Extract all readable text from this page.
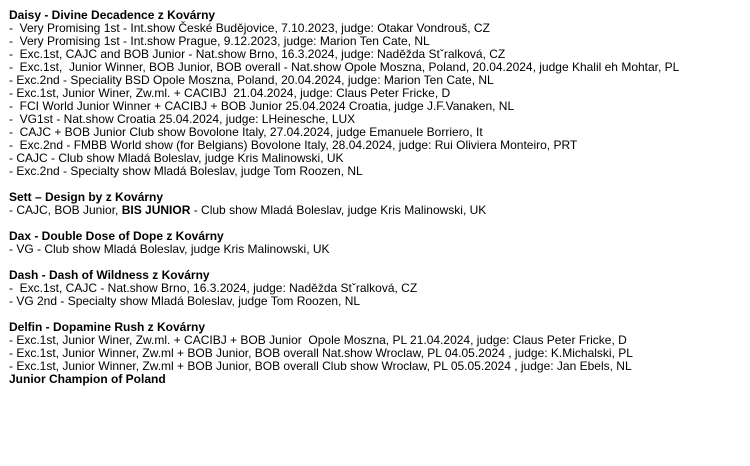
Daisy - Divine Decadence z Kovárny
-  Very Promising 1st - Int.show České Budějovice, 7.10.2023, judge: Otakar Vondrouš, CZ
-  Very Promising 1st - Int.show Prague, 9.12.2023, judge: Marion Ten Cate, NL
-  Exc.1st, CAJC and BOB Junior - Nat.show Brno, 16.3.2024, judge: Naděžda Stˇralková, CZ
-  Exc.1st,  Junior Winner, BOB Junior, BOB overall - Nat.show Opole Moszna, Poland, 20.04.2024, judge Khalil eh Mohtar, PL
- Exc.2nd - Speciality BSD Opole Moszna, Poland, 20.04.2024, judge: Marion Ten Cate, NL
- Exc.1st, Junior Winer, Zw.ml. + CACIBJ  21.04.2024, judge: Claus Peter Fricke, D
-  FCI World Junior Winner + CACIBJ + BOB Junior 25.04.2024 Croatia, judge J.F.Vanaken, NL
-  VG1st - Nat.show Croatia 25.04.2024, judge: LHeinesche, LUX
-  CAJC + BOB Junior Club show Bovolone Italy, 27.04.2024, judge Emanuele Borriero, It
-  Exc.2nd - FMBB World show (for Belgians) Bovolone Italy, 28.04.2024, judge: Rui Oliviera Monteiro, PRT
- CAJC - Club show Mladá Boleslav, judge Kris Malinowski, UK
- Exc.2nd - Specialty show Mladá Boleslav, judge Tom Roozen, NL
Sett – Design by z Kovárny
- CAJC, BOB Junior, BIS JUNIOR - Club show Mladá Boleslav, judge Kris Malinowski, UK
Dax - Double Dose of Dope z Kovárny
- VG - Club show Mladá Boleslav, judge Kris Malinowski, UK
Dash - Dash of Wildness z Kovárny
-  Exc.1st, CAJC - Nat.show Brno, 16.3.2024, judge: Naděžda Stˇralková, CZ
- VG 2nd - Specialty show Mladá Boleslav, judge Tom Roozen, NL
Delfin - Dopamine Rush z Kovárny
- Exc.1st, Junior Winer, Zw.ml. + CACIBJ + BOB Junior  Opole Moszna, PL 21.04.2024, judge: Claus Peter Fricke, D
- Exc.1st, Junior Winner, Zw.ml + BOB Junior, BOB overall Nat.show Wroclaw, PL 04.05.2024 , judge: K.Michalski, PL
- Exc.1st, Junior Winner, Zw.ml + BOB Junior, BOB overall Club show Wroclaw, PL 05.05.2024 , judge: Jan Ebels, NL
Junior Champion of Poland
